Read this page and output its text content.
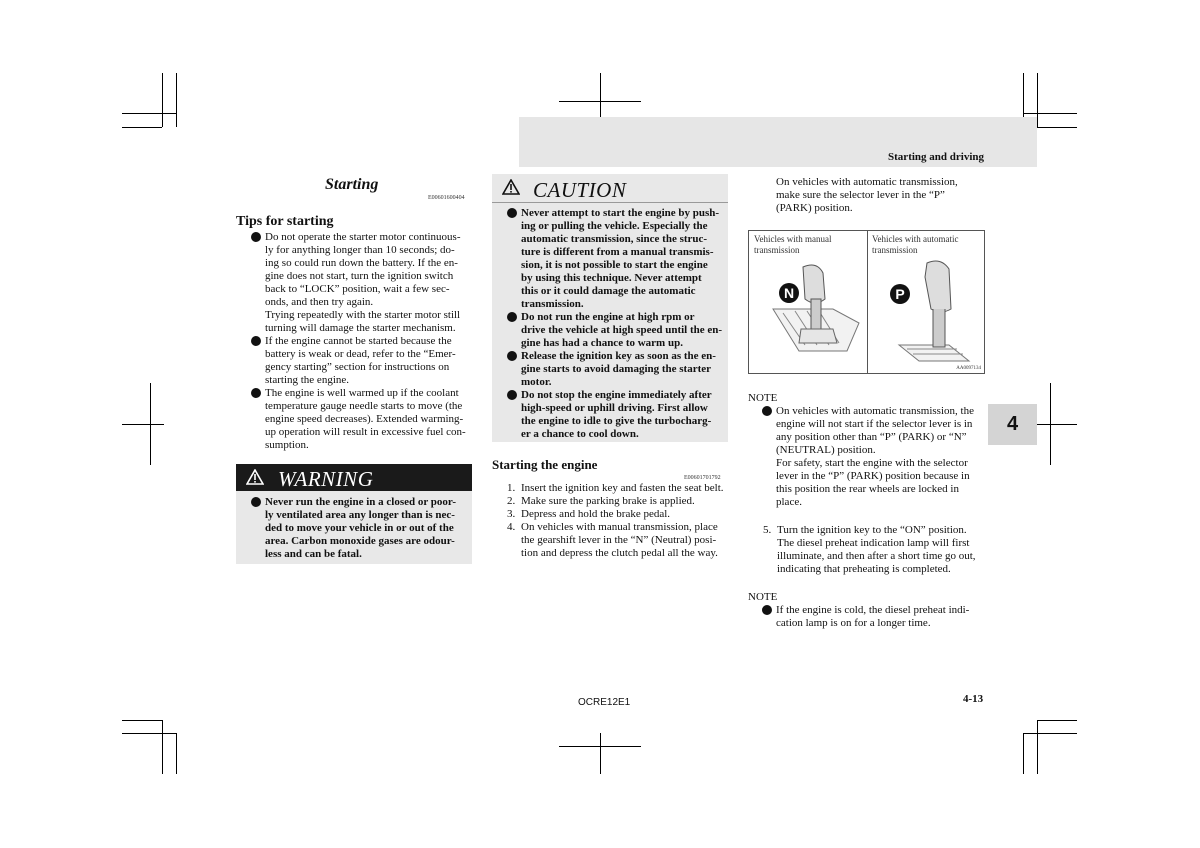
Starting and driving
4
Starting
E00601600404
Tips for starting
Do not operate the starter motor continuous-
ly for anything longer than 10 seconds; do-
ing so could run down the battery. If the en-
gine does not start, turn the ignition switch
back to “LOCK” position, wait a few sec-
onds, and then try again.
Trying repeatedly with the starter motor still
turning will damage the starter mechanism.
If the engine cannot be started because the
battery is weak or dead, refer to the “Emer-
gency starting” section for instructions on
starting the engine.
The engine is well warmed up if the coolant
temperature gauge needle starts to move (the
engine speed decreases). Extended warming-
up operation will result in excessive fuel con-
sumption.
WARNING
Never run the engine in a closed or poor-
ly ventilated area any longer than is nec-
ded to move your vehicle in or out of the
area. Carbon monoxide gases are odour-
less and can be fatal.
CAUTION
Never attempt to start the engine by push-
ing or pulling the vehicle. Especially the
automatic transmission, since the struc-
ture is different from a manual transmis-
sion, it is not possible to start the engine
by using this technique. Never attempt
this or it could damage the automatic
transmission.
Do not run the engine at high rpm or
drive the vehicle at high speed until the en-
gine has had a chance to warm up.
Release the ignition key as soon as the en-
gine starts to avoid damaging the starter
motor.
Do not stop the engine immediately after
high-speed or uphill driving. First allow
the engine to idle to give the turbocharg-
er a chance to cool down.
Starting the engine
E00601701792
1. Insert the ignition key and fasten the seat belt.
2. Make sure the parking brake is applied.
3. Depress and hold the brake pedal.
4. On vehicles with manual transmission, place
the gearshift lever in the “N” (Neutral) posi-
tion and depress the clutch pedal all the way.
On vehicles with automatic transmission,
make sure the selector lever in the “P”
(PARK) position.
Vehicles with manual
transmission
Vehicles with automatic
transmission
N	P
AA0097134
NOTE
On vehicles with automatic transmission, the
engine will not start if the selector lever is in
any position other than “P” (PARK) or “N”
(NEUTRAL) position.
For safety, start the engine with the selector
lever in the “P” (PARK) position because in
this position the rear wheels are locked in
place.
5. Turn the ignition key to the “ON” position.
The diesel preheat indication lamp will first
illuminate, and then after a short time go out,
indicating that preheating is completed.
NOTE
If the engine is cold, the diesel preheat indi-
cation lamp is on for a longer time.
OCRE12E1	4-13
